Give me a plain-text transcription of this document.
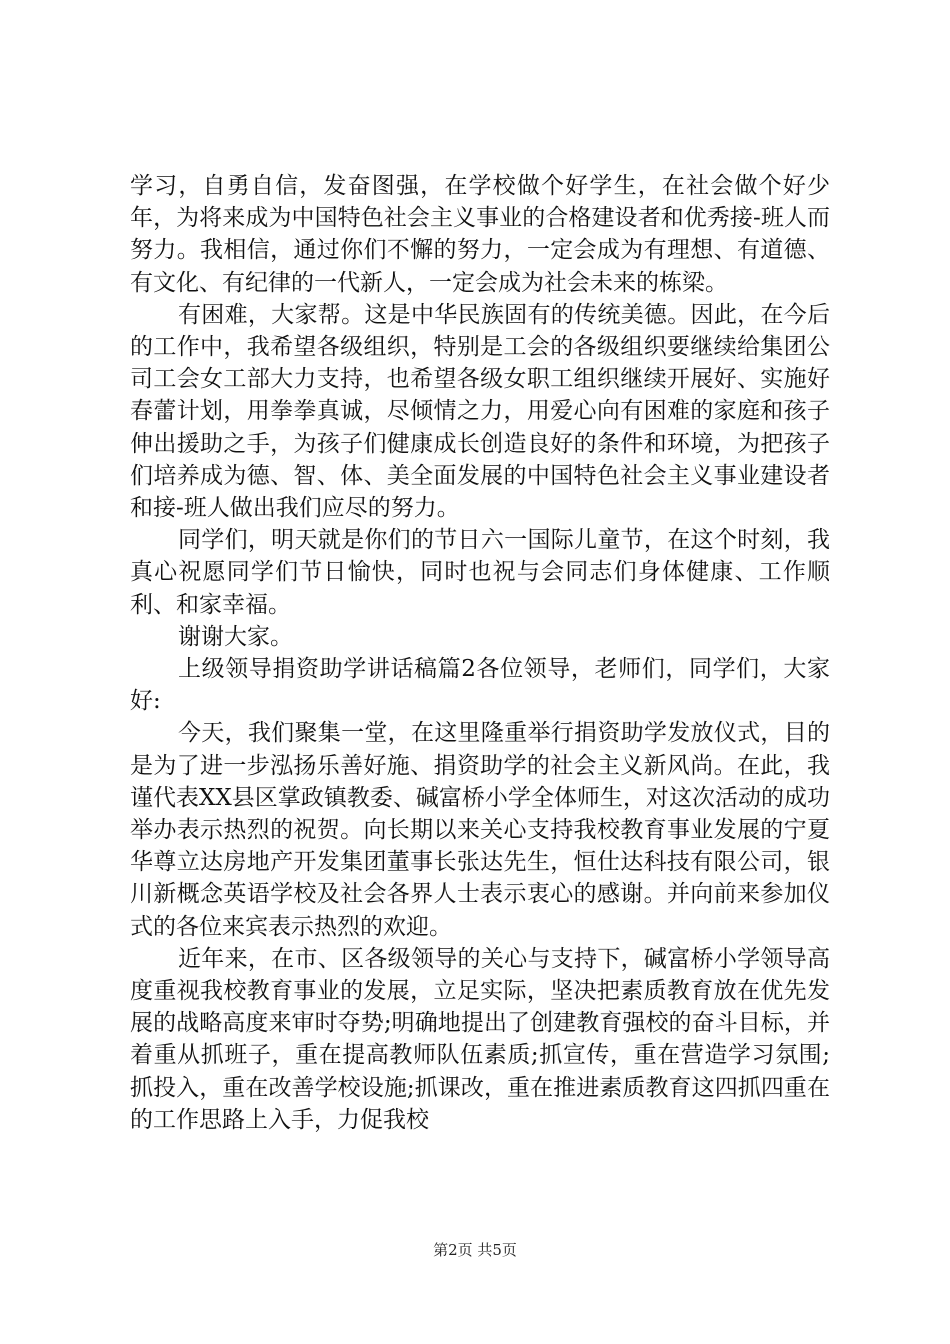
学习，自勇自信，发奋图强，在学校做个好学生，在社会做个好少年，为将来成为中国特色社会主义事业的合格建设者和优秀接-班人而努力。我相信，通过你们不懈的努力，一定会成为有理想、有道德、有文化、有纪律的一代新人，一定会成为社会未来的栋梁。

有困难，大家帮。这是中华民族固有的传统美德。因此，在今后的工作中，我希望各级组织，特别是工会的各级组织要继续给集团公司工会女工部大力支持，也希望各级女职工组织继续开展好、实施好春蕾计划，用拳拳真诚，尽倾情之力，用爱心向有困难的家庭和孩子伸出援助之手，为孩子们健康成长创造良好的条件和环境，为把孩子们培养成为德、智、体、美全面发展的中国特色社会主义事业建设者和接-班人做出我们应尽的努力。

同学们，明天就是你们的节日六一国际儿童节，在这个时刻，我真心祝愿同学们节日愉快，同时也祝与会同志们身体健康、工作顺利、和家幸福。

谢谢大家。

上级领导捐资助学讲话稿篇2各位领导，老师们，同学们，大家好:

今天，我们聚集一堂，在这里隆重举行捐资助学发放仪式，目的是为了进一步泓扬乐善好施、捐资助学的社会主义新风尚。在此，我谨代表XX县区掌政镇教委、碱富桥小学全体师生，对这次活动的成功举办表示热烈的祝贺。向长期以来关心支持我校教育事业发展的宁夏华尊立达房地产开发集团董事长张达先生，恒仕达科技有限公司，银川新概念英语学校及社会各界人士表示衷心的感谢。并向前来参加仪式的各位来宾表示热烈的欢迎。

近年来，在市、区各级领导的关心与支持下，碱富桥小学领导高度重视我校教育事业的发展，立足实际，坚决把素质教育放在优先发展的战略高度来审时夺势;明确地提出了创建教育强校的奋斗目标，并着重从抓班子，重在提高教师队伍素质;抓宣传，重在营造学习氛围;抓投入，重在改善学校设施;抓课改，重在推进素质教育这四抓四重在的工作思路上入手，力促我校

第2页 共5页
